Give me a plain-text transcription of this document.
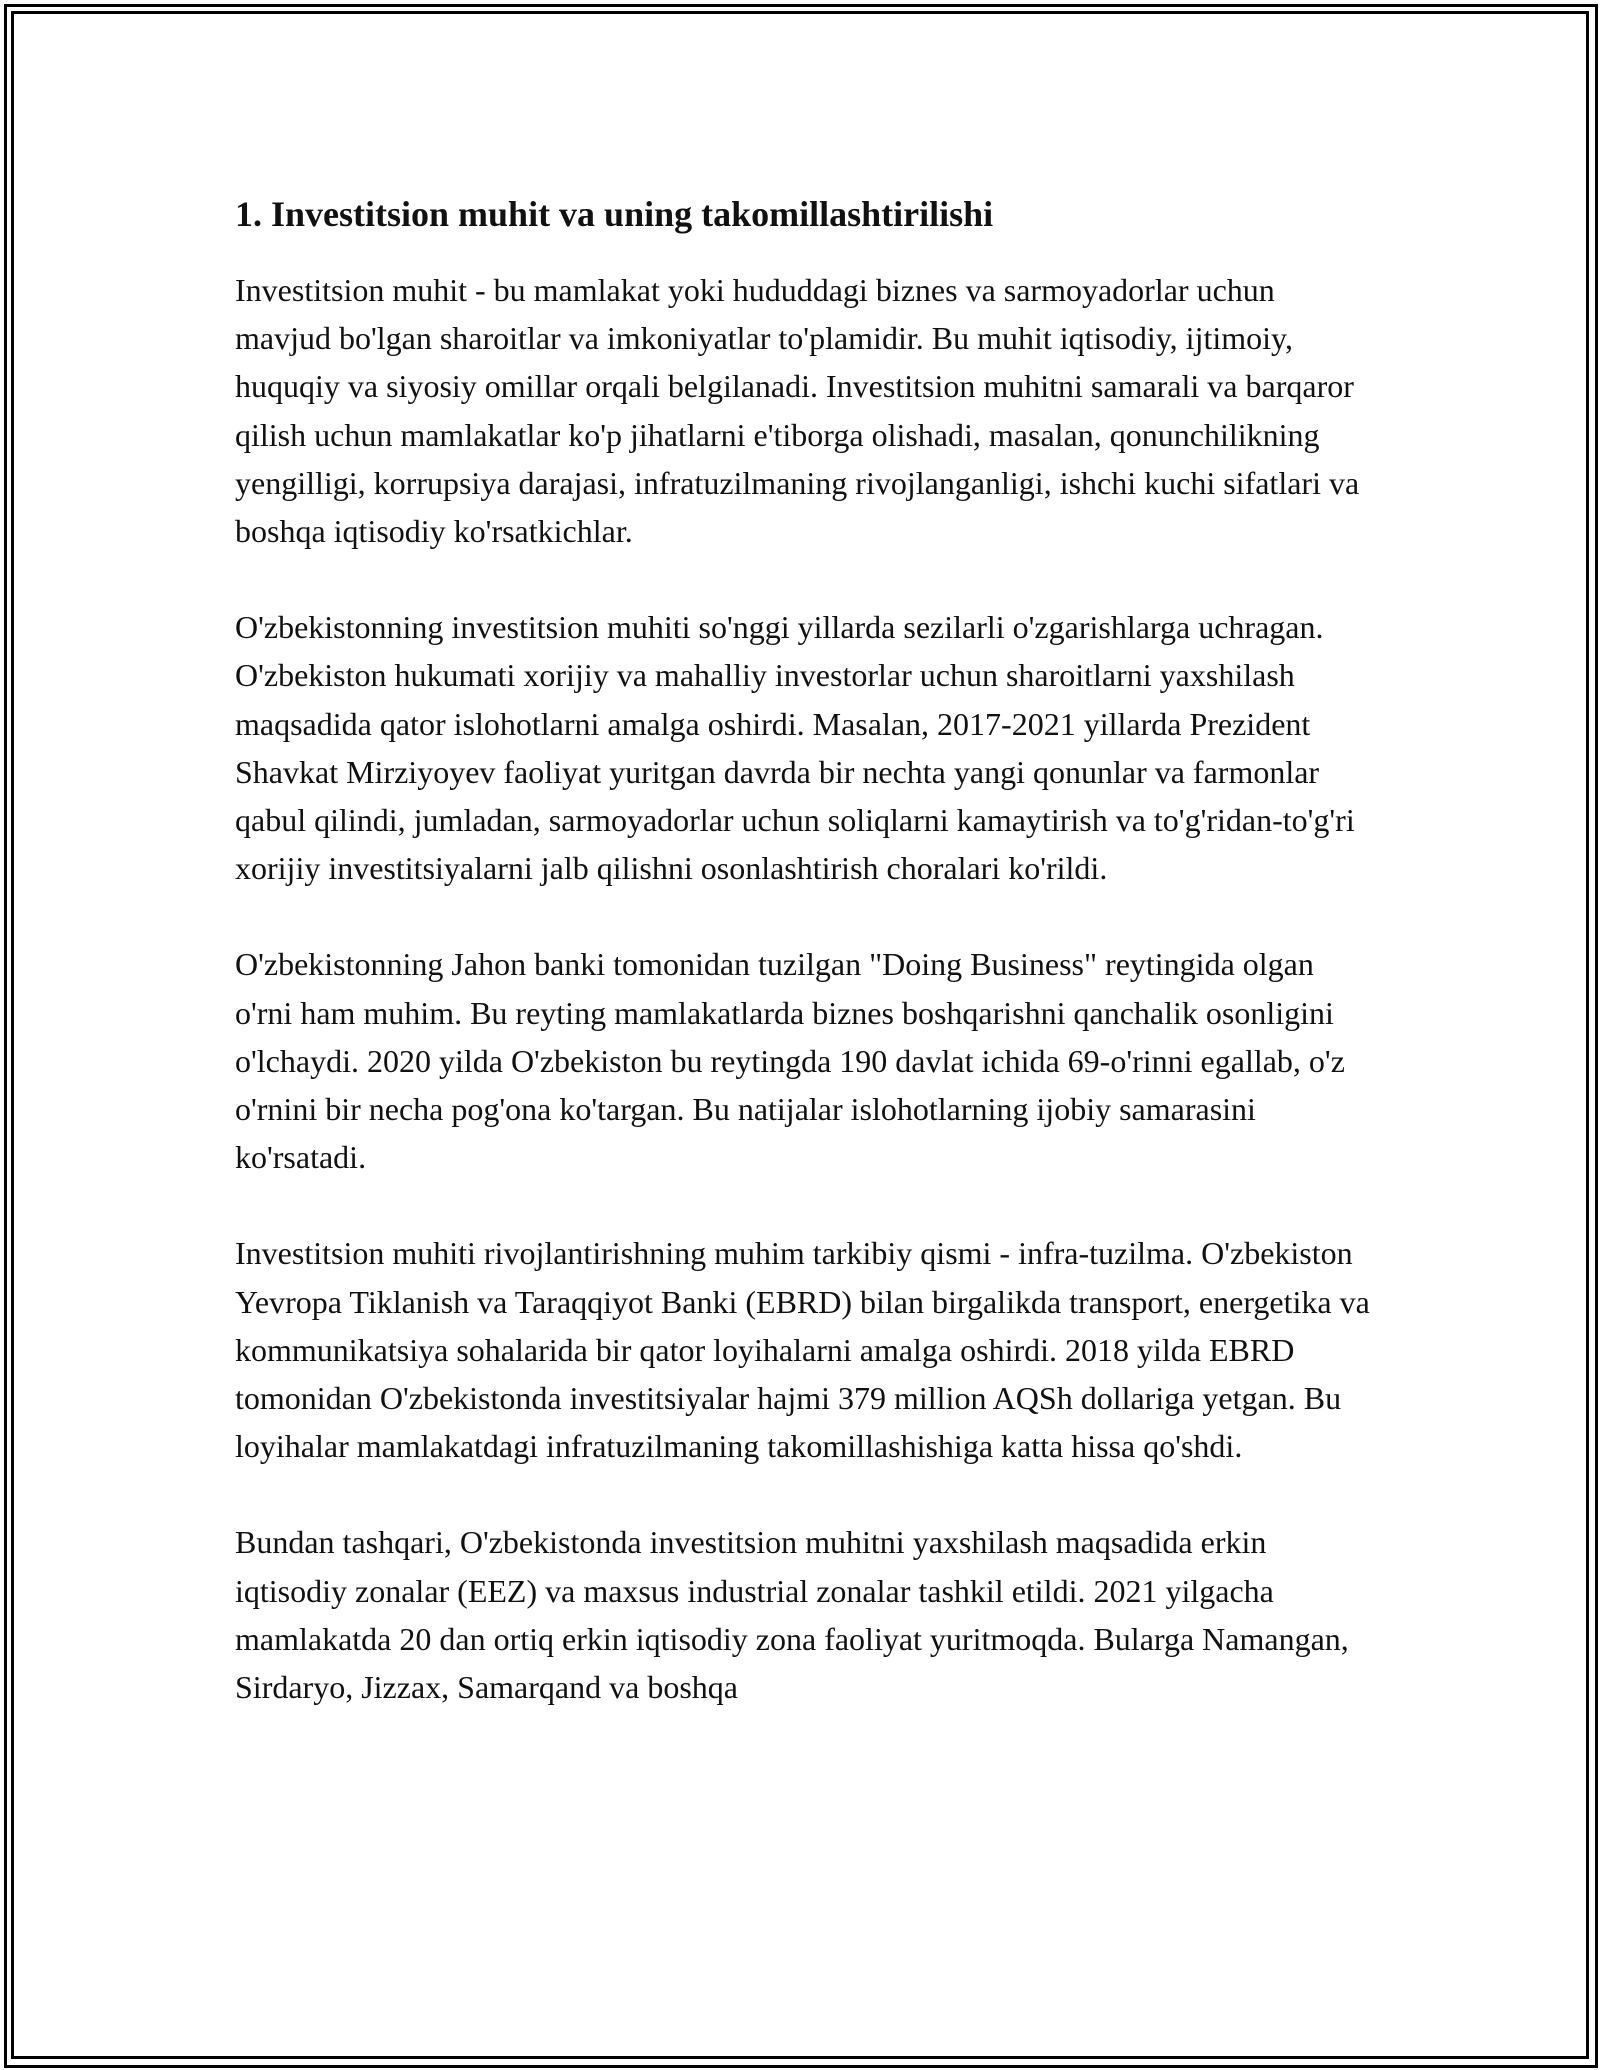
1. Investitsion muhit va uning takomillashtirilishi

Investitsion muhit - bu mamlakat yoki hududdagi biznes va sarmoyadorlar uchun mavjud bo'lgan sharoitlar va imkoniyatlar to'plamidir. Bu muhit iqtisodiy, ijtimoiy, huquqiy va siyosiy omillar orqali belgilanadi. Investitsion muhitni samarali va barqaror qilish uchun mamlakatlar ko'p jihatlarni e'tiborga olishadi, masalan, qonunchilikning yengilligi, korrupsiya darajasi, infratuzilmaning rivojlanganligi, ishchi kuchi sifatlari va boshqa iqtisodiy ko'rsatkichlar.

O'zbekistonning investitsion muhiti so'nggi yillarda sezilarli o'zgarishlarga uchragan. O'zbekiston hukumati xorijiy va mahalliy investorlar uchun sharoitlarni yaxshilash maqsadida qator islohotlarni amalga oshirdi. Masalan, 2017-2021 yillarda Prezident Shavkat Mirziyoyev faoliyat yuritgan davrda bir nechta yangi qonunlar va farmonlar qabul qilindi, jumladan, sarmoyadorlar uchun soliqlarni kamaytirish va to'g'ridan-to'g'ri xorijiy investitsiyalarni jalb qilishni osonlashtirish choralari ko'rildi.

O'zbekistonning Jahon banki tomonidan tuzilgan "Doing Business" reytingida olgan o'rni ham muhim. Bu reyting mamlakatlarda biznes boshqarishni qanchalik osonligini o'lchaydi. 2020 yilda O'zbekiston bu reytingda 190 davlat ichida 69-o'rinni egallab, o'z o'rnini bir necha pog'ona ko'targan. Bu natijalar islohotlarning ijobiy samarasini ko'rsatadi.

Investitsion muhiti rivojlantirishning muhim tarkibiy qismi - infra-tuzilma. O'zbekiston Yevropa Tiklanish va Taraqqiyot Banki (EBRD) bilan birgalikda transport, energetika va kommunikatsiya sohalarida bir qator loyihalarni amalga oshirdi. 2018 yilda EBRD tomonidan O'zbekistonda investitsiyalar hajmi 379 million AQSh dollariga yetgan. Bu loyihalar mamlakatdagi infratuzilmaning takomillashishiga katta hissa qo'shdi.

Bundan tashqari, O'zbekistonda investitsion muhitni yaxshilash maqsadida erkin iqtisodiy zonalar (EEZ) va maxsus industrial zonalar tashkil etildi. 2021 yilgacha mamlakatda 20 dan ortiq erkin iqtisodiy zona faoliyat yuritmoqda. Bularga Namangan, Sirdaryo, Jizzax, Samarqand va boshqa
